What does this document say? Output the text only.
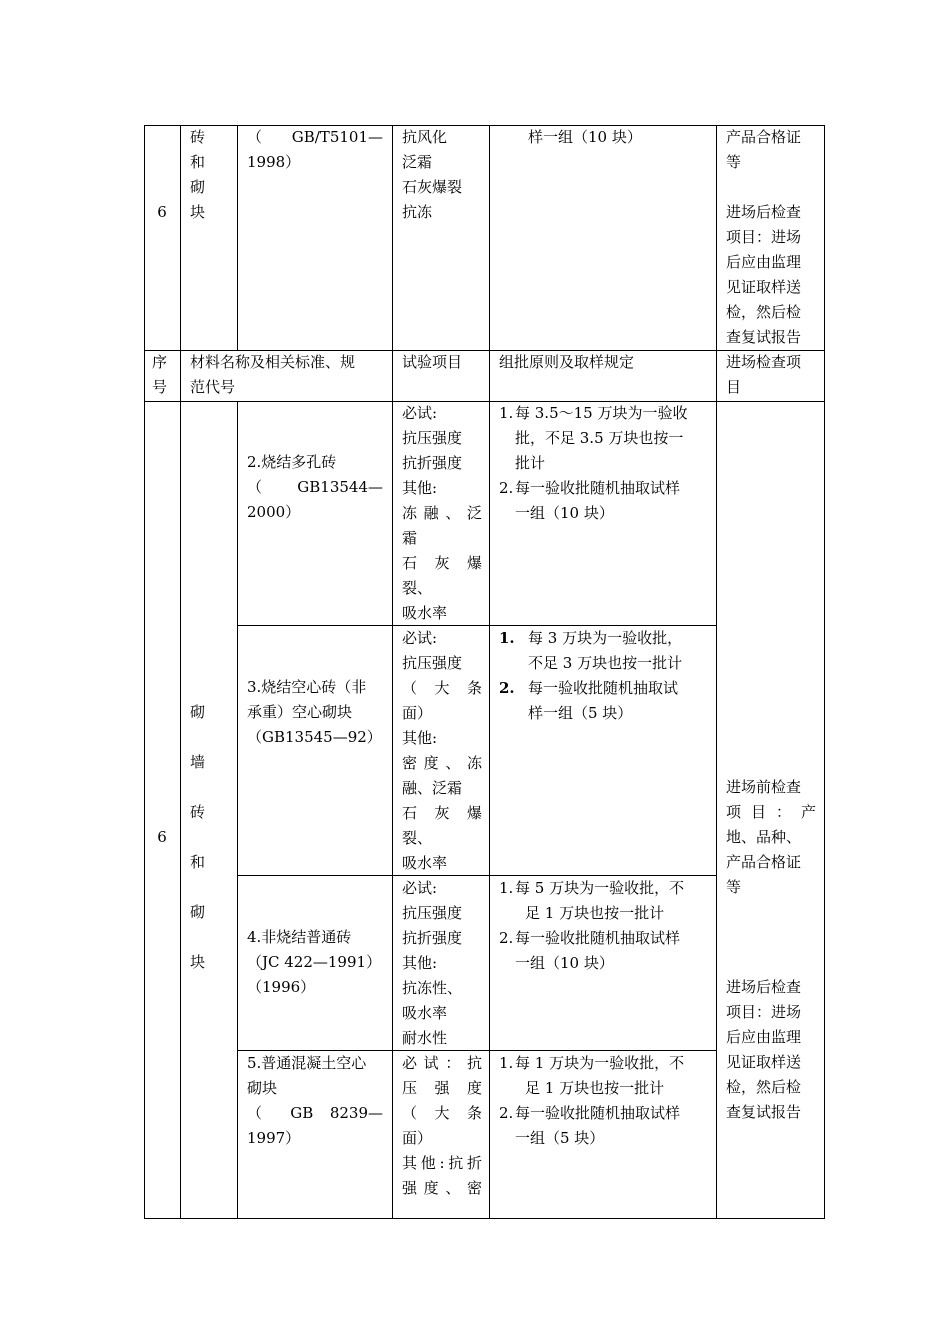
6
砖
和
砌
块
（ GB/T5101—
1998）
抗风化
泛霜
石灰爆裂
抗冻
样一组（10 块）	产品合格证
等
进场后检查
项目：进场
后应由监理
见证取样送
检，然后检
查复试报告
序
号
材料名称及相关标准、规
范代号
试验项目 组批原则及取样规定	进场检查项
目
6
砌
墙
砖
和
砌
块
进场前检查
项 目 ： 产
地、品种、
产品合格证
等
进场后检查
项目：进场
后应由监理
见证取样送
检，然后检
查复试报告
2.烧结多孔砖
（ GB13544—
2000）
必试:
抗压强度
抗折强度
其他:
冻 融 、 泛
霜
石 灰 爆
裂、
吸水率
1. 每 3.5～15 万块为一验收
批，不足 3.5 万块也按一
批计
2. 每一验收批随机抽取试样
一组（10 块）
3.烧结空心砖（非
承重）空心砌块
（GB13545—92）
必试:
抗压强度
（ 大 条
面）
其他:
密 度 、 冻
融、泛霜
石 灰 爆
裂、
吸水率
1. 每 3 万块为一验收批，
不足 3 万块也按一批计
2. 每一验收批随机抽取试
样一组（5 块）
4.非烧结普通砖
（JC 422—1991）
（1996）
必试:
抗压强度
抗折强度
其他:
抗冻性、
吸水率
耐水性
1. 每 5 万块为一验收批，不
足 1 万块也按一批计
2. 每一验收批随机抽取试样
一组（10 块）
5.普通混凝土空心
砌块
（ GB 8239—
1997）
必 试 ： 抗
压 强 度
（ 大 条
面）
其他:抗折
强 度 、 密
1. 每 1 万块为一验收批，不
足 1 万块也按一批计
2. 每一验收批随机抽取试样
一组（5 块）
